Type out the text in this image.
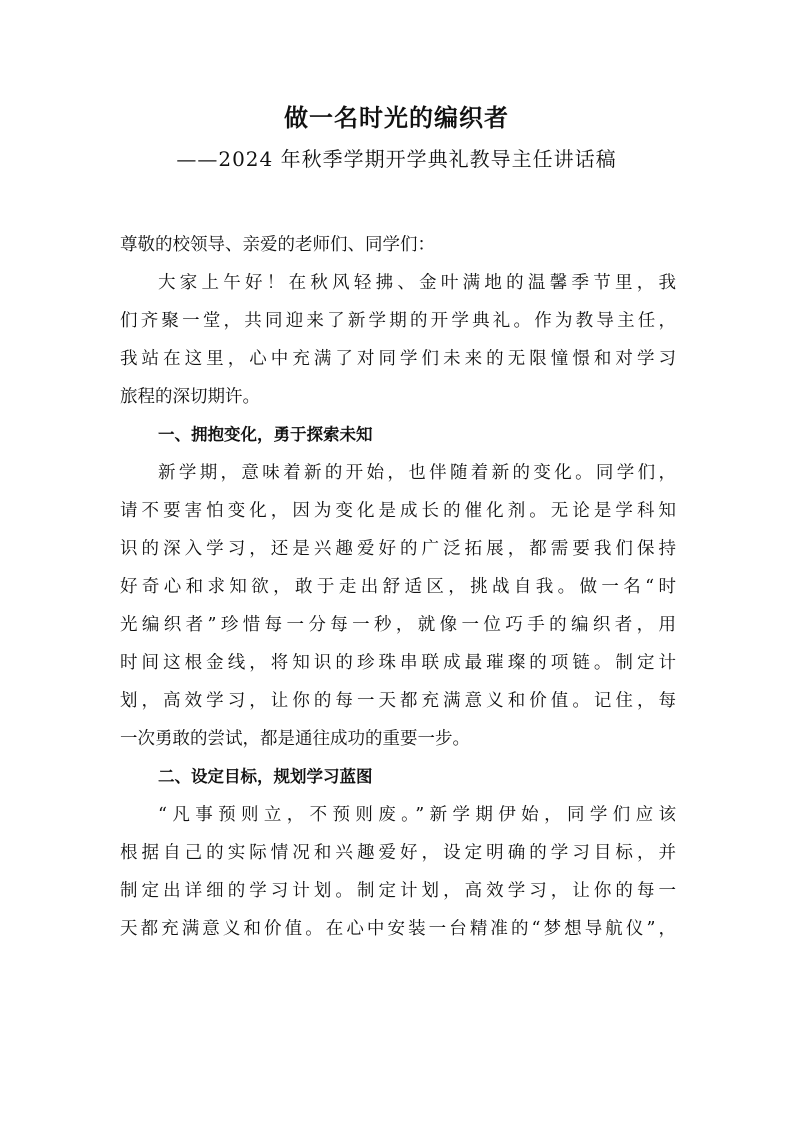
做一名时光的编织者
——2024 年秋季学期开学典礼教导主任讲话稿
尊敬的校领导、亲爱的老师们、同学们：
大家上午好！在秋风轻拂、金叶满地的温馨季节里，我
们齐聚一堂，共同迎来了新学期的开学典礼。作为教导主任，
我站在这里，心中充满了对同学们未来的无限憧憬和对学习
旅程的深切期许。
一、拥抱变化，勇于探索未知
新学期，意味着新的开始，也伴随着新的变化。同学们，
请不要害怕变化，因为变化是成长的催化剂。无论是学科知
识的深入学习，还是兴趣爱好的广泛拓展，都需要我们保持
好奇心和求知欲，敢于走出舒适区，挑战自我。做一名“时
光编织者”珍惜每一分每一秒，就像一位巧手的编织者，用
时间这根金线，将知识的珍珠串联成最璀璨的项链。制定计
划，高效学习，让你的每一天都充满意义和价值。记住，每
一次勇敢的尝试，都是通往成功的重要一步。
二、设定目标，规划学习蓝图
“凡事预则立，不预则废。”新学期伊始，同学们应该
根据自己的实际情况和兴趣爱好，设定明确的学习目标，并
制定出详细的学习计划。制定计划，高效学习，让你的每一
天都充满意义和价值。在心中安装一台精准的“梦想导航仪”，
